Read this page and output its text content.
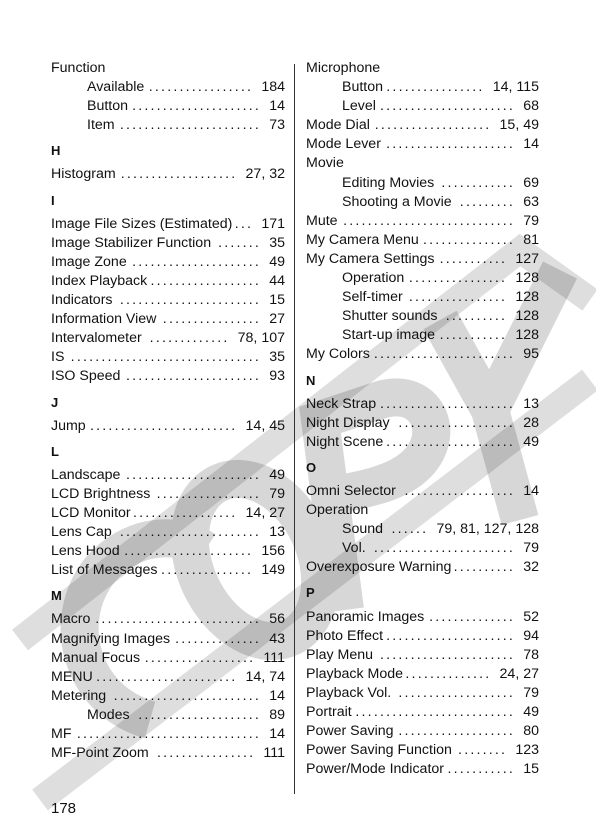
Function
Available ................. 184
Button ..................... 14
Item ....................... 73
H
Histogram ................... 27, 32
I
Image File Sizes (Estimated) ... 171
Image Stabilizer Function ....... 35
Image Zone ..................... 49
Index Playback .................. 44
Indicators ....................... 15
Information View ................ 27
Intervalometer ............. 78, 107
IS ............................... 35
ISO Speed ...................... 93
J
Jump ........................ 14, 45
L
Landscape ...................... 49
LCD Brightness ................. 79
LCD Monitor ................. 14, 27
Lens Cap ....................... 13
Lens Hood ..................... 156
List of Messages ............... 149
M
Macro ........................... 56
Magnifying Images .............. 43
Manual Focus .................. 111
MENU ....................... 14, 74
Metering ........................ 14
Modes .................... 89
MF .............................. 14
MF-Point Zoom ................ 111
Microphone
Button ................ 14, 115
Level ...................... 68
Mode Dial ................... 15, 49
Mode Lever ..................... 14
Movie
Editing Movies ............ 69
Shooting a Movie ......... 63
Mute ............................ 79
My Camera Menu ............... 81
My Camera Settings ........... 127
Operation ................ 128
Self-timer ................ 128
Shutter sounds .......... 128
Start-up image ........... 128
My Colors ....................... 95
N
Neck Strap ...................... 13
Night Display ................... 28
Night Scene ..................... 49
O
Omni Selector .................. 14
Operation
Sound ...... 79, 81, 127, 128
Vol. ....................... 79
Overexposure Warning .......... 32
P
Panoramic Images .............. 52
Photo Effect ..................... 94
Play Menu ...................... 78
Playback Mode .............. 24, 27
Playback Vol. ................... 79
Portrait .......................... 49
Power Saving ................... 80
Power Saving Function ........ 123
Power/Mode Indicator ........... 15
178
